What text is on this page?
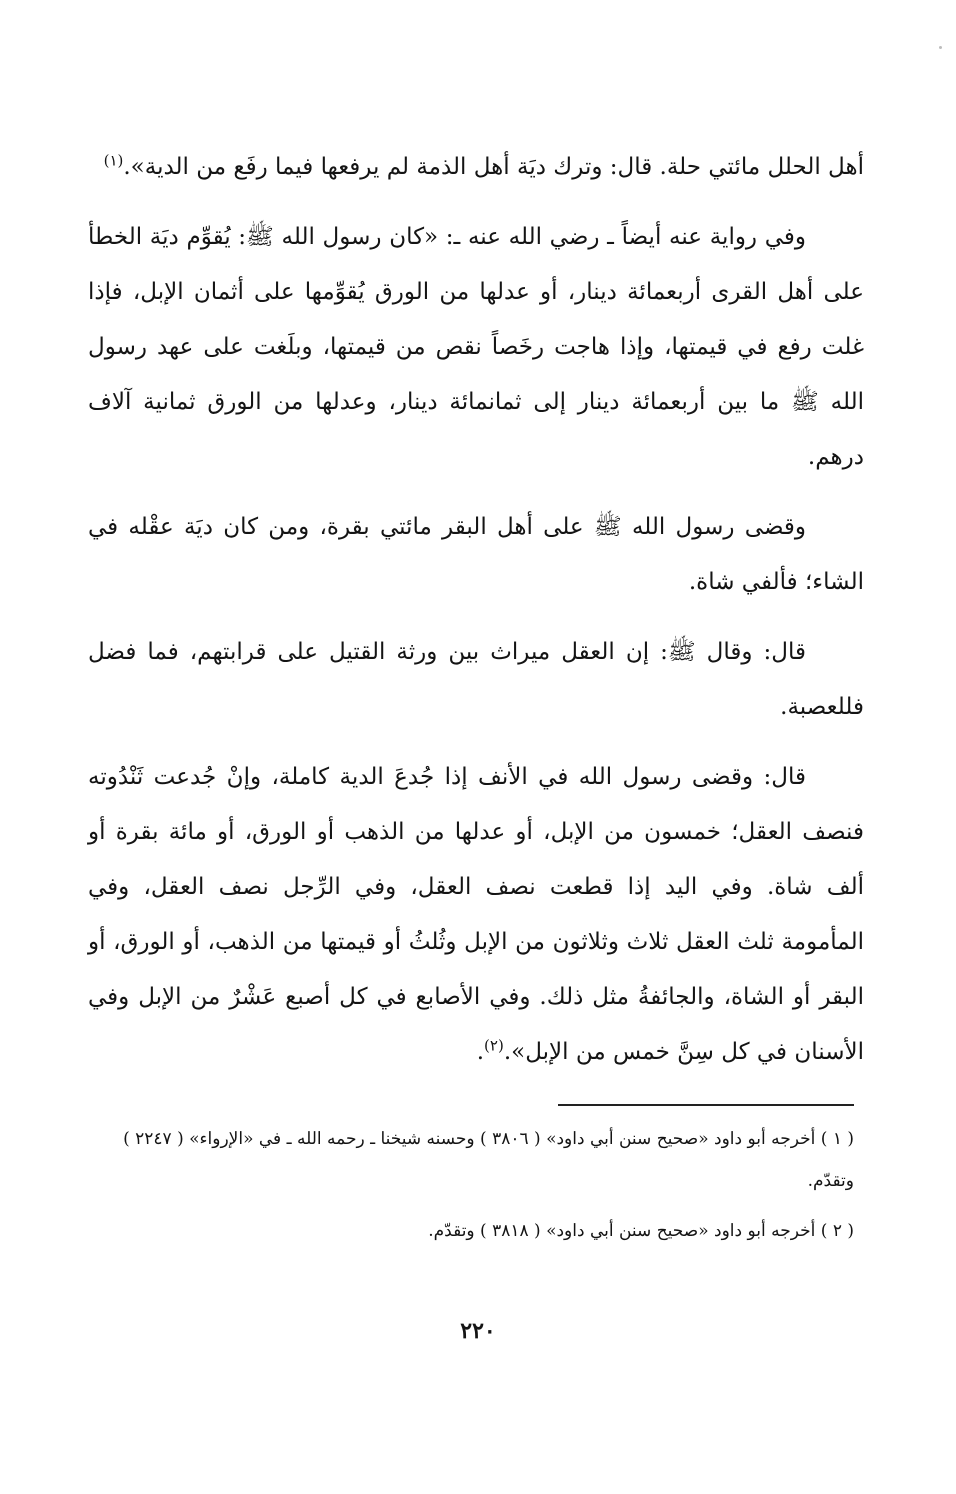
أهل الحلل مائتي حلة. قال: وترك ديَة أهل الذمة لم يرفعها فيما رفَع من الدية».$^{(١)}$

وفي رواية عنه أيضاً ـ رضي الله عنه ـ: «كان رسول الله ﷺ: يُقوِّم ديَة الخطأ على أهل القرى أربعمائة دينار، أو عدلها من الورق يُقوِّمها على أثمان الإبل، فإذا غلت رفع في قيمتها، وإذا هاجت رخَصاً نقص من قيمتها، وبلَغت على عهد رسول الله ﷺ ما بين أربعمائة دينار إلى ثمانمائة دينار، وعدلها من الورق ثمانية آلاف درهم.

وقضى رسول الله ﷺ على أهل البقر مائتي بقرة، ومن كان ديَة عقْله في الشاء؛ فألفي شاة.

قال: وقال ﷺ: إن العقل ميراث بين ورثة القتيل على قرابتهم، فما فضل فللعصبة.

قال: وقضى رسول الله في الأنف إذا جُدعَ الدية كاملة، وإنْ جُدعت ثَنْدُوته فنصف العقل؛ خمسون من الإبل، أو عدلها من الذهب أو الورق، أو مائة بقرة أو ألف شاة. وفي اليد إذا قطعت نصف العقل، وفي الرِّجل نصف العقل، وفي المأمومة ثلث العقل ثلاث وثلاثون من الإبل وثُلثُ أو قيمتها من الذهب، أو الورق، أو البقر أو الشاة، والجائفةُ مثل ذلك. وفي الأصابع في كل أصبع عَشْرٌ من الإبل وفي الأسنان في كل سِنَّ خمس من الإبل».$^{(٢)}$.

( ١ ) أخرجه أبو داود «صحيح سنن أبي داود» ( ٣٨٠٦ ) وحسنه شيخنا ـ رحمه الله ـ في «الإرواء» ( ٢٢٤٧ ) وتقدّم.

( ٢ ) أخرجه أبو داود «صحيح سنن أبي داود» ( ٣٨١٨ ) وتقدّم.

٢٢٠
